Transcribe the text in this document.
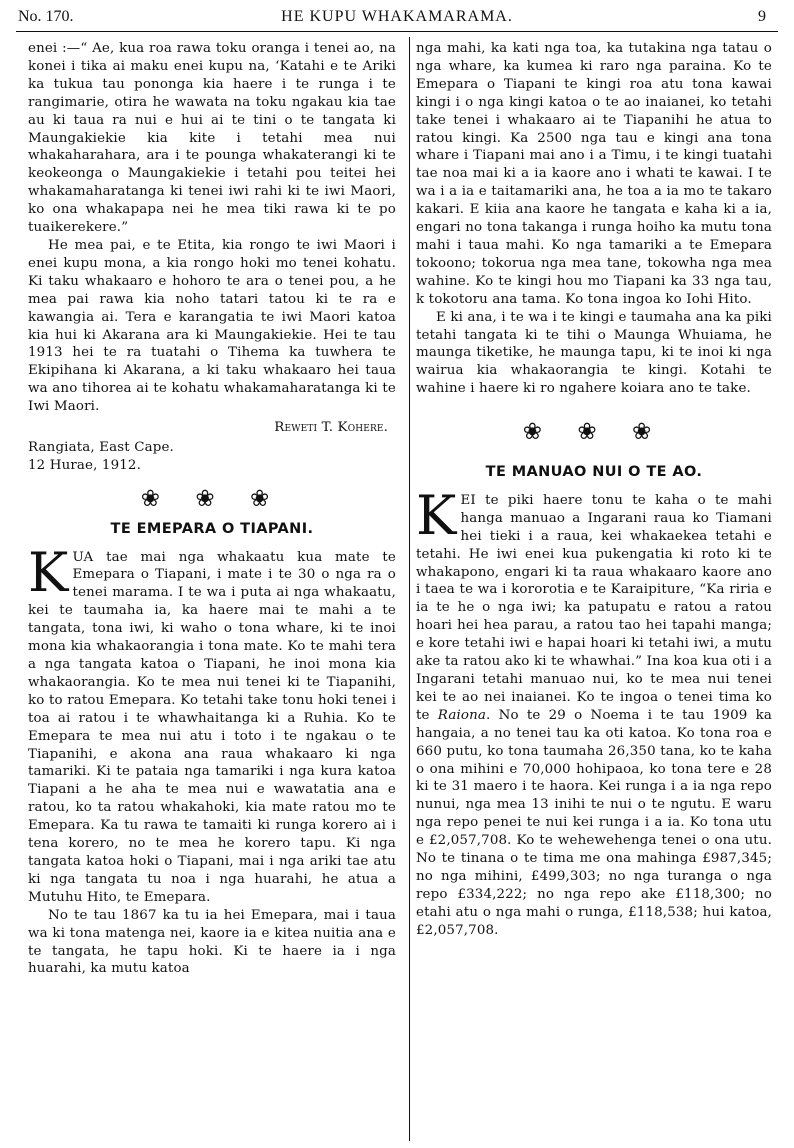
No. 170.	HE KUPU WHAKAMARAMA.	9

enei :—“ Ae, kua roa rawa toku oranga i tenei ao, na konei i tika ai maku enei kupu na, ‘Katahi e te Ariki ka tukua tau pononga kia haere i te runga i te rangimarie, otira he wawata na toku ngakau kia tae au ki taua ra nui e hui ai te tini o te tangata ki Maungakiekie kia kite i tetahi mea nui whakaharahara, ara i te pounga whakaterangi ki te keokeonga o Maungakiekie i tetahi pou teitei hei whakamaharatanga ki tenei iwi rahi ki te iwi Maori, ko ona whakapapa nei he mea tiki rawa ki te po tuaikerekere.”

He mea pai, e te Etita, kia rongo te iwi Maori i enei kupu mona, a kia rongo hoki mo tenei kohatu. Ki taku whakaaro e hohoro te ara o tenei pou, a he mea pai rawa kia noho tatari tatou ki te ra e kawangia ai. Tera e karangatia te iwi Maori katoa kia hui ki Akarana ara ki Maungakiekie. Hei te tau 1913 hei te ra tuatahi o Tihema ka tuwhera te Ekipihana ki Akarana, a ki taku whakaaro hei taua wa ano tihorea ai te kohatu whakamaharatanga ki te Iwi Maori.

Reweti T. Kohere.

Rangiata, East Cape.

12 Hurae, 1912.

❀ ❀ ❀
TE EMEPARA O TIAPANI.

KUA tae mai nga whakaatu kua mate te Emepara o Tiapani, i mate i te 30 o nga ra o tenei marama. I te wa i puta ai nga whakaatu, kei te taumaha ia, ka haere mai te mahi a te tangata, tona iwi, ki waho o tona whare, ki te inoi mona kia whakaorangia i tona mate. Ko te mahi tera a nga tangata katoa o Tiapani, he inoi mona kia whakaorangia. Ko te mea nui tenei ki te Tiapanihi, ko to ratou Emepara. Ko tetahi take tonu hoki tenei i toa ai ratou i te whawhaitanga ki a Ruhia. Ko te Emepara te mea nui atu i toto i te ngakau o te Tiapanihi, e akona ana raua whakaaro ki nga tamariki. Ki te pataia nga tamariki i nga kura katoa Tiapani a he aha te mea nui e wawatatia ana e ratou, ko ta ratou whakahoki, kia mate ratou mo te Emepara. Ka tu rawa te tamaiti ki runga korero ai i tena korero, no te mea he korero tapu. Ki nga tangata katoa hoki o Tiapani, mai i nga ariki tae atu ki nga tangata tu noa i nga huarahi, he atua a Mutuhu Hito, te Emepara.

No te tau 1867 ka tu ia hei Emepara, mai i taua wa ki tona matenga nei, kaore ia e kitea nuitia ana e te tangata, he tapu hoki. Ki te haere ia i nga huarahi, ka mutu katoa

nga mahi, ka kati nga toa, ka tutakina nga tatau o nga whare, ka kumea ki raro nga paraina. Ko te Emepara o Tiapani te kingi roa atu tona kawai kingi i o nga kingi katoa o te ao inaianei, ko tetahi take tenei i whakaaro ai te Tiapanihi he atua to ratou kingi. Ka 2500 nga tau e kingi ana tona whare i Tiapani mai ano i a Timu, i te kingi tuatahi tae noa mai ki a ia kaore ano i whati te kawai. I te wa i a ia e taitamariki ana, he toa a ia mo te takaro kakari. E kiia ana kaore he tangata e kaha ki a ia, engari no tona takanga i runga hoiho ka mutu tona mahi i taua mahi. Ko nga tamariki a te Emepara tokoono; tokorua nga mea tane, tokowha nga mea wahine. Ko te kingi hou mo Tiapani ka 33 nga tau, k tokotoru ana tama. Ko tona ingoa ko Iohi Hito.

E ki ana, i te wa i te kingi e taumaha ana ka piki tetahi tangata ki te tihi o Maunga Whuiama, he maunga tiketike, he maunga tapu, ki te inoi ki nga wairua kia whakaorangia te kingi. Kotahi te wahine i haere ki ro ngahere koiara ano te take.

❀ ❀ ❀
TE MANUAO NUI O TE AO.

KEI te piki haere tonu te kaha o te mahi hanga manuao a Ingarani raua ko Tiamani hei tieki i a raua, kei whakaekea tetahi e tetahi. He iwi enei kua pukengatia ki roto ki te whakapono, engari ki ta raua whakaaro kaore ano i taea te wa i kororotia e te Karaipiture, “Ka riria e ia te he o nga iwi; ka patupatu e ratou a ratou hoari hei hea parau, a ratou tao hei tapahi manga; e kore tetahi iwi e hapai hoari ki tetahi iwi, a mutu ake ta ratou ako ki te whawhai.” Ina koa kua oti i a Ingarani tetahi manuao nui, ko te mea nui tenei kei te ao nei inaianei. Ko te ingoa o tenei tima ko te Raiona. No te 29 o Noema i te tau 1909 ka hangaia, a no tenei tau ka oti katoa. Ko tona roa e 660 putu, ko tona taumaha 26,350 tana, ko te kaha o ona mihini e 70,000 hohipaoa, ko tona tere e 28 ki te 31 maero i te haora. Kei runga i a ia nga repo nunui, nga mea 13 inihi te nui o te ngutu. E waru nga repo penei te nui kei runga i a ia. Ko tona utu e £2,057,708. Ko te wehewehenga tenei o ona utu. No te tinana o te tima me ona mahinga £987,345; no nga mihini, £499,303; no nga turanga o nga repo £334,222; no nga repo ake £118,300; no etahi atu o nga mahi o runga, £118,538; hui katoa, £2,057,708.
